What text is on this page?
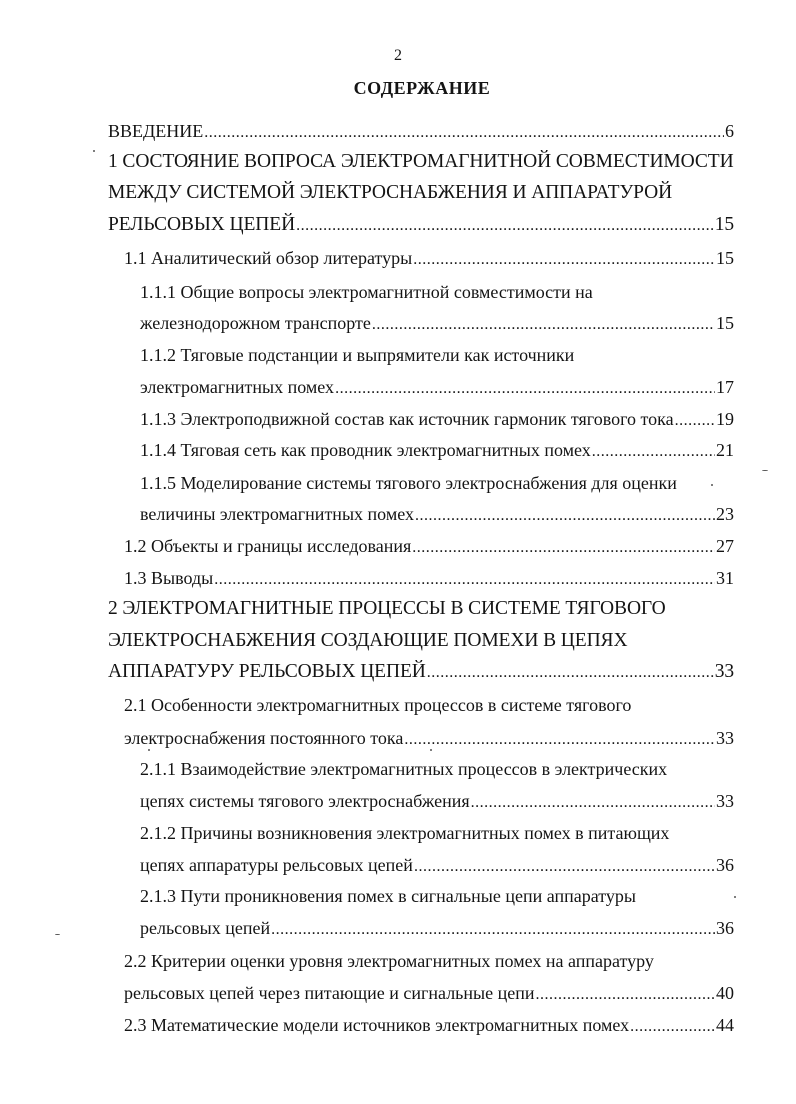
2
СОДЕРЖАНИЕ
ВВЕДЕНИЕ .....	6
1 СОСТОЯНИЕ ВОПРОСА ЭЛЕКТРОМАГНИТНОЙ СОВМЕСТИМОСТИ
МЕЖДУ СИСТЕМОЙ ЭЛЕКТРОСНАБЖЕНИЯ И АППАРАТУРОЙ
РЕЛЬСОВЫХ ЦЕПЕЙ .....	15
1.1 Аналитический обзор литературы .....	15
1.1.1 Общие вопросы электромагнитной совместимости на
железнодорожном транспорте .....	15
1.1.2 Тяговые подстанции и выпрямители как источники
электромагнитных помех .....	17
1.1.3 Электроподвижной состав как источник гармоник тягового тока ..... 19
1.1.4 Тяговая сеть как проводник электромагнитных помех .....	21
1.1.5 Моделирование системы тягового электроснабжения для оценки
величины электромагнитных помех .....	23
1.2 Объекты и границы исследования .....	27
1.3 Выводы .....	31
2 ЭЛЕКТРОМАГНИТНЫЕ ПРОЦЕССЫ В СИСТЕМЕ ТЯГОВОГО
ЭЛЕКТРОСНАБЖЕНИЯ СОЗДАЮЩИЕ ПОМЕХИ В ЦЕПЯХ
АППАРАТУРУ РЕЛЬСОВЫХ ЦЕПЕЙ .....	33
2.1 Особенности электромагнитных процессов в системе тягового
электроснабжения постоянного тока .....	33
2.1.1 Взаимодействие электромагнитных процессов в электрических
цепях системы тягового электроснабжения .....	33
2.1.2 Причины возникновения электромагнитных помех в питающих
цепях аппаратуры рельсовых цепей .....	36
2.1.3 Пути проникновения помех в сигнальные цепи аппаратуры
рельсовых цепей .....	36
2.2 Критерии оценки уровня электромагнитных помех на аппаратуру
рельсовых цепей через питающие и сигнальные цепи .....	40
2.3 Математические модели источников электромагнитных помех .....	44
